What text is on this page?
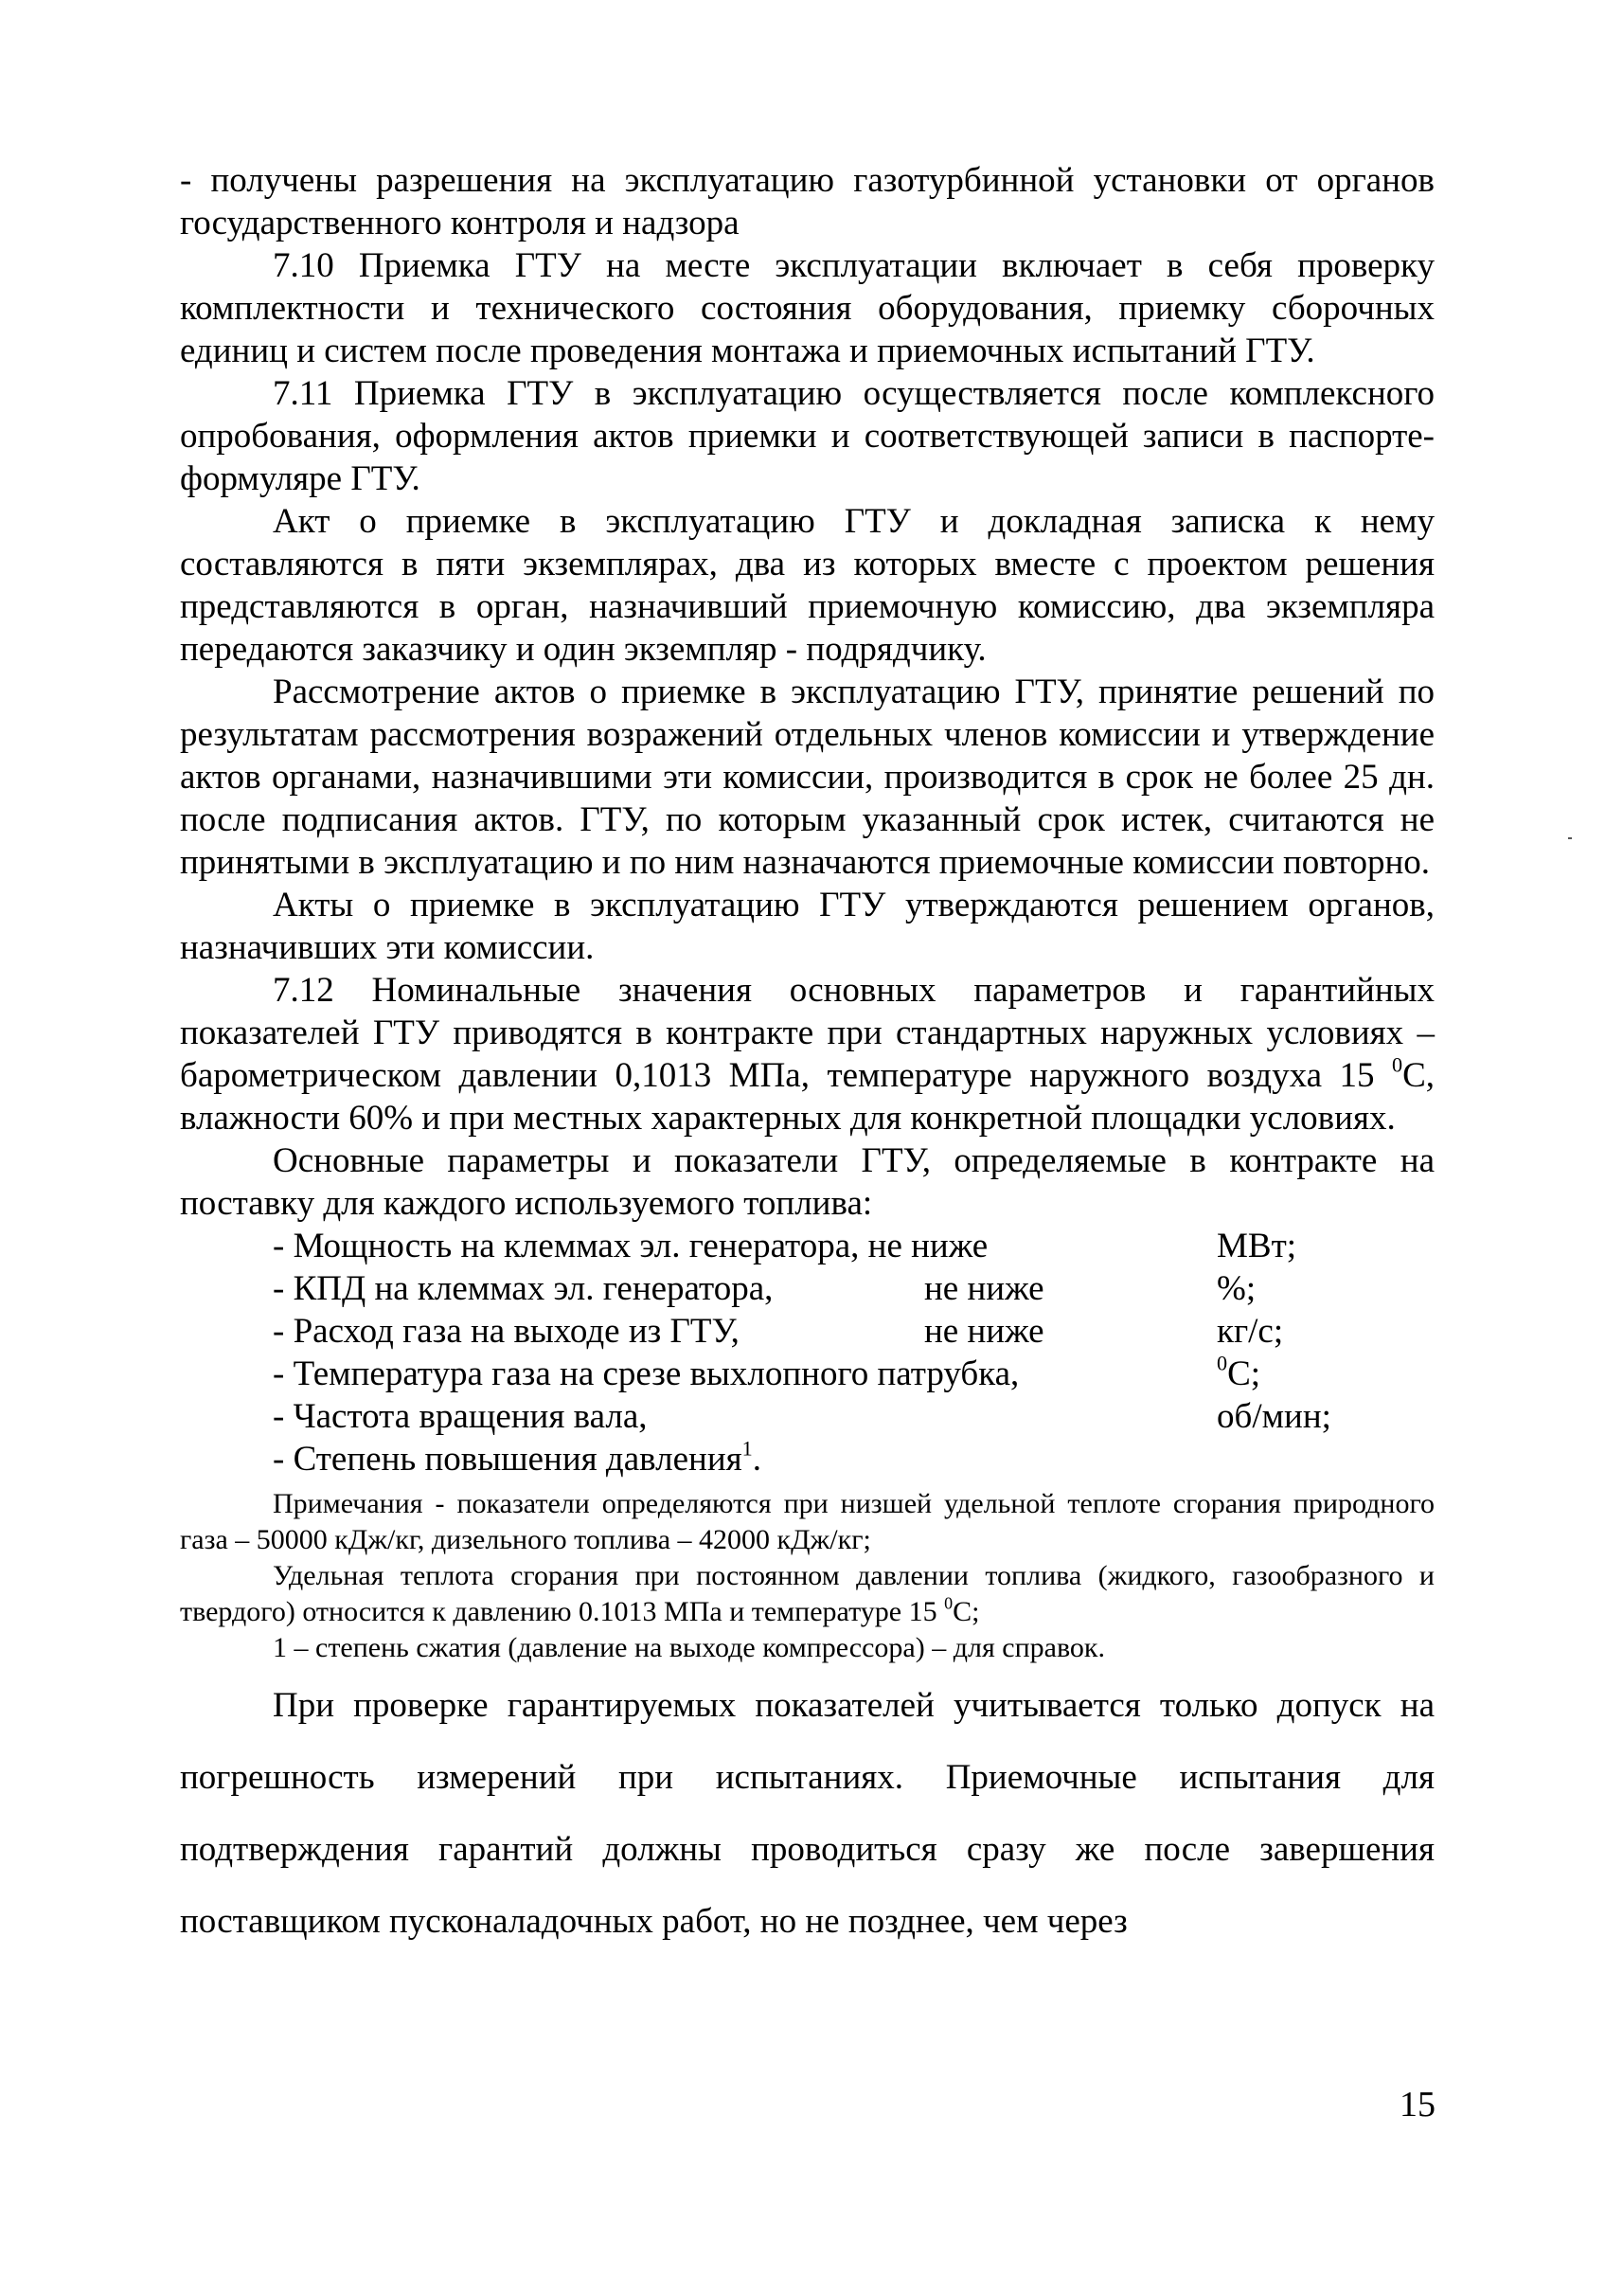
- получены разрешения на эксплуатацию газотурбинной установки от органов государственного контроля и надзора

7.10 Приемка ГТУ на месте эксплуатации включает в себя проверку комплектности и технического состояния оборудования, приемку сборочных единиц и систем после проведения монтажа и приемочных испытаний ГТУ.

7.11 Приемка ГТУ в эксплуатацию осуществляется после комплексного опробования, оформления актов приемки и соответствующей записи в паспорте-формуляре ГТУ.

Акт о приемке в эксплуатацию ГТУ и докладная записка к нему составляются в пяти экземплярах, два из которых вместе с проектом решения представляются в орган, назначивший приемочную комиссию, два экземпляра передаются заказчику и один экземпляр - подрядчику.

Рассмотрение актов о приемке в эксплуатацию ГТУ, принятие решений по результатам рассмотрения возражений отдельных членов комиссии и утверждение актов органами, назначившими эти комиссии, производится в срок не более 25 дн. после подписания актов. ГТУ, по которым указанный срок истек, считаются не принятыми в эксплуатацию и по ним назначаются приемочные комиссии повторно.

Акты о приемке в эксплуатацию ГТУ утверждаются решением органов, назначивших эти комиссии.

7.12 Номинальные значения основных параметров и гарантийных показателей ГТУ приводятся в контракте при стандартных наружных условиях – барометрическом давлении 0,1013 МПа, температуре наружного воздуха 15 $^0$С, влажности 60% и при местных характерных для конкретной площадки условиях.

Основные параметры и показатели ГТУ, определяемые в контракте на поставку для каждого используемого топлива:

- Мощность на клеммах эл. генератора, не ниже	МВт;
- КПД на клеммах эл. генератора,	не ниже	%;
- Расход газа на выходе из ГТУ,	не ниже	кг/с;
- Температура газа на срезе выхлопного патрубка,	$^0$С;
- Частота вращения вала,	об/мин;
- Степень повышения давления$^1$.

Примечания - показатели определяются при низшей удельной теплоте сгорания природного газа – 50000 кДж/кг, дизельного топлива – 42000 кДж/кг;

Удельная теплота сгорания при постоянном давлении топлива (жидкого, газообразного и твердого) относится к давлению 0.1013 МПа и температуре 15 $^0$С;

1 – степень сжатия (давление на выходе компрессора) – для справок.

При проверке гарантируемых показателей учитывается только допуск на погрешность измерений при испытаниях. Приемочные испытания для подтверждения гарантий должны проводиться сразу же после завершения поставщиком пусконаладочных работ, но не позднее, чем через

15
